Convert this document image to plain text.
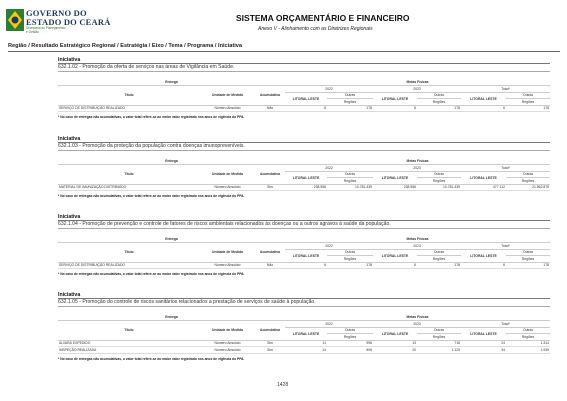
GOVERNO DO
ESTADO DO CEARÁ
Secretaria do Planejamento
e Gestão
SISTEMA ORÇAMENTÁRIO E FINANCEIRO
Anexo V - Alinhamento com as Diretrizes Regionais
Região / Resultado Estratégico Regional / Estratégia / Eixo / Tema / Programa / Iniciativa
Iniciativa
632.1.02 - Promoção da oferta de serviços nas áreas de Vigilância em Saúde.
Entrega			Metas Físicas					
Título	Unidade de Medida	Acumulativa	2022		2023		Total*	
			LITORAL LESTE	Outras	LITORAL LESTE	Outras	LITORAL LESTE	Outras
				Regiões		Regiões		Regiões
SERVIÇO DE DISTRIBUIÇÃO REALIZADO	Número Absoluto	Não	6	178	6	178	6	178
* No caso de entregas não acumulativas, o valor total refere-se ao maior valor registrado nos anos de vigência do PPA.
Iniciativa
632.1.03 - Promoção da proteção da população contra doenças imunopreveníveis.
Entrega			Metas Físicas					
Título	Unidade de Medida	Acumulativa	2022		2023		Total*	
			LITORAL LESTE	Outras	LITORAL LESTE	Outras	LITORAL LESTE	Outras
				Regiões		Regiões		Regiões
MATERIAL DE IMUNIZAÇÃO DISTRIBUÍDO	Número Absoluto	Sim	238.556	10.781.439	238.556	10.781.439	477.112	21.562.878
* No caso de entregas não acumulativas, o valor total refere-se ao maior valor registrado nos anos de vigência do PPA.
Iniciativa
632.1.04 - Promoção de prevenção e controle de fatores de riscos ambientais relacionados às doenças ou a outros agravos à saúde da população.
Entrega			Metas Físicas					
Título	Unidade de Medida	Acumulativa	2022		2023		Total*	
			LITORAL LESTE	Outras	LITORAL LESTE	Outras	LITORAL LESTE	Outras
				Regiões		Regiões		Regiões
SERVIÇO DE DISTRIBUIÇÃO REALIZADO	Número Absoluto	Não	6	178	6	178	6	178
* No caso de entregas não acumulativas, o valor total refere-se ao maior valor registrado nos anos de vigência do PPA.
Iniciativa
632.1.05 - Promoção do controle de riscos sanitários relacionados a prestação de serviços de saúde à população.
Entrega			Metas Físicas					
Título	Unidade de Medida	Acumulativa	2022		2023		Total*	
			LITORAL LESTE	Outras	LITORAL LESTE	Outras	LITORAL LESTE	Outras
				Regiões		Regiões		Regiões
ALVARÁ EXPEDIDO	Número Absoluto	Sim	11	596	13	718	24	1.314
INSPEÇÃO REALIZADA	Número Absoluto	Sim	14	806	20	1.129	34	1.935
* No caso de entregas não acumulativas, o valor total refere-se ao maior valor registrado nos anos de vigência do PPA.
1428
